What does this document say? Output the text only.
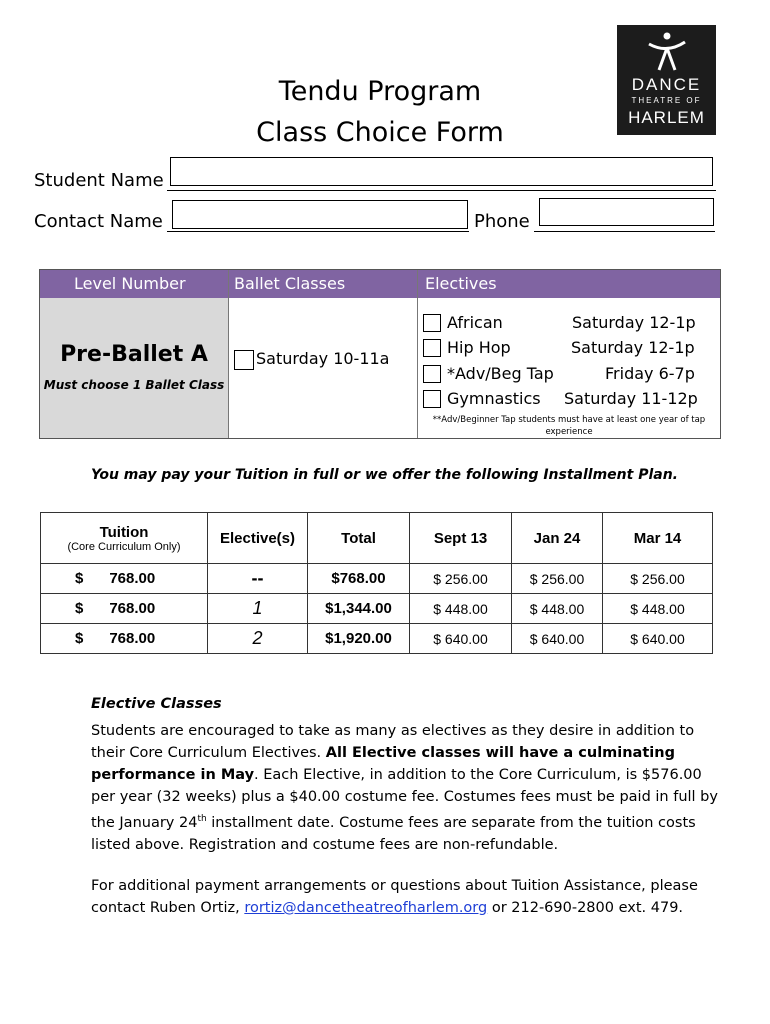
DANCE
THEATRE OF
HARLEM
Tendu Program
Class Choice Form
Student Name
Contact Name	Phone
Level Number	Ballet Classes	Electives
Pre-Ballet A
Must choose 1 Ballet Class
Saturday 10-11a
African	Saturday 12-1p
Hip Hop	Saturday 12-1p
*Adv/Beg Tap	Friday 6-7p
Gymnastics Saturday 11-12p
**Adv/Beginner Tap students must have at least one year of tap
experience
You may pay your Tuition in full or we offer the following Installment Plan.
Tuition
(Core Curriculum Only)	Elective(s)	Total	Sept 13	Jan 24	Mar 14
$ 768.00	--	$768.00	$ 256.00	$ 256.00	$ 256.00
$ 768.00	1	$1,344.00	$ 448.00	$ 448.00	$ 448.00
$ 768.00	2	$1,920.00	$ 640.00	$ 640.00	$ 640.00
Elective Classes
Students are encouraged to take as many as electives as they desire in addition to their Core Curriculum Electives. All Elective classes will have a culminating performance in May. Each Elective, in addition to the Core Curriculum, is $576.00 per year (32 weeks) plus a $40.00 costume fee. Costumes fees must be paid in full by the January 24th installment date. Costume fees are separate from the tuition costs listed above. Registration and costume fees are non-refundable.
For additional payment arrangements or questions about Tuition Assistance, please contact Ruben Ortiz, rortiz@dancetheatreofharlem.org or 212-690-2800 ext. 479.
